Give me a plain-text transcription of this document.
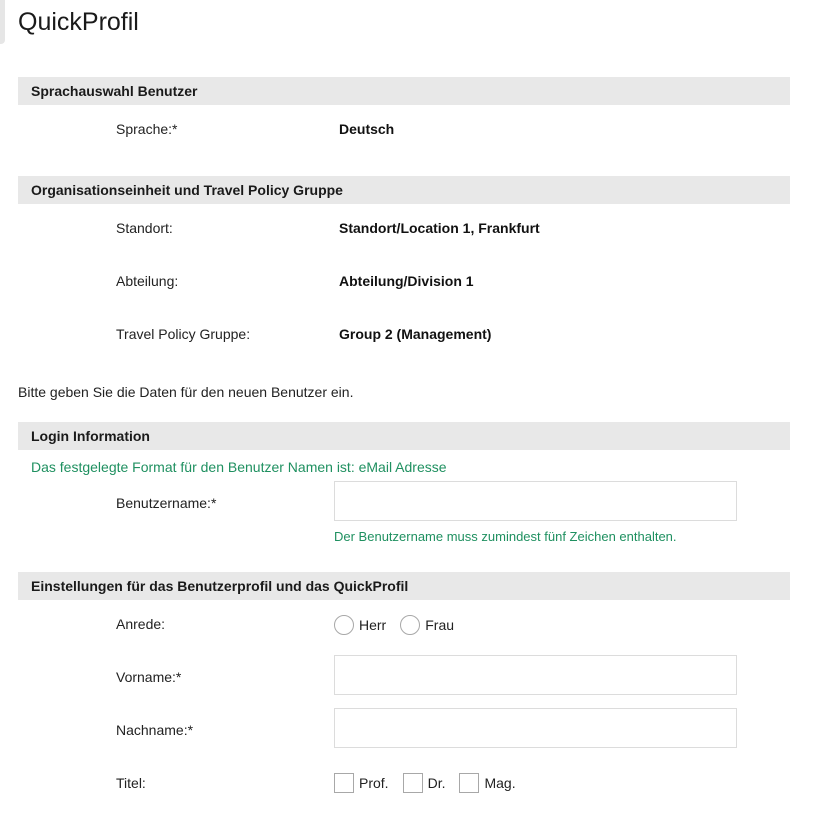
QuickProfil
Sprachauswahl Benutzer
Sprache:*	Deutsch
Organisationseinheit und Travel Policy Gruppe
Standort:	Standort/Location 1, Frankfurt
Abteilung:	Abteilung/Division 1
Travel Policy Gruppe:	Group 2 (Management)
Bitte geben Sie die Daten für den neuen Benutzer ein.
Login Information
Das festgelegte Format für den Benutzer Namen ist: eMail Adresse
Benutzername:*
Der Benutzername muss zumindest fünf Zeichen enthalten.
Einstellungen für das Benutzerprofil und das QuickProfil
Anrede:	Herr	Frau
Vorname:*
Nachname:*
Titel:	Prof.	Dr.	Mag.
